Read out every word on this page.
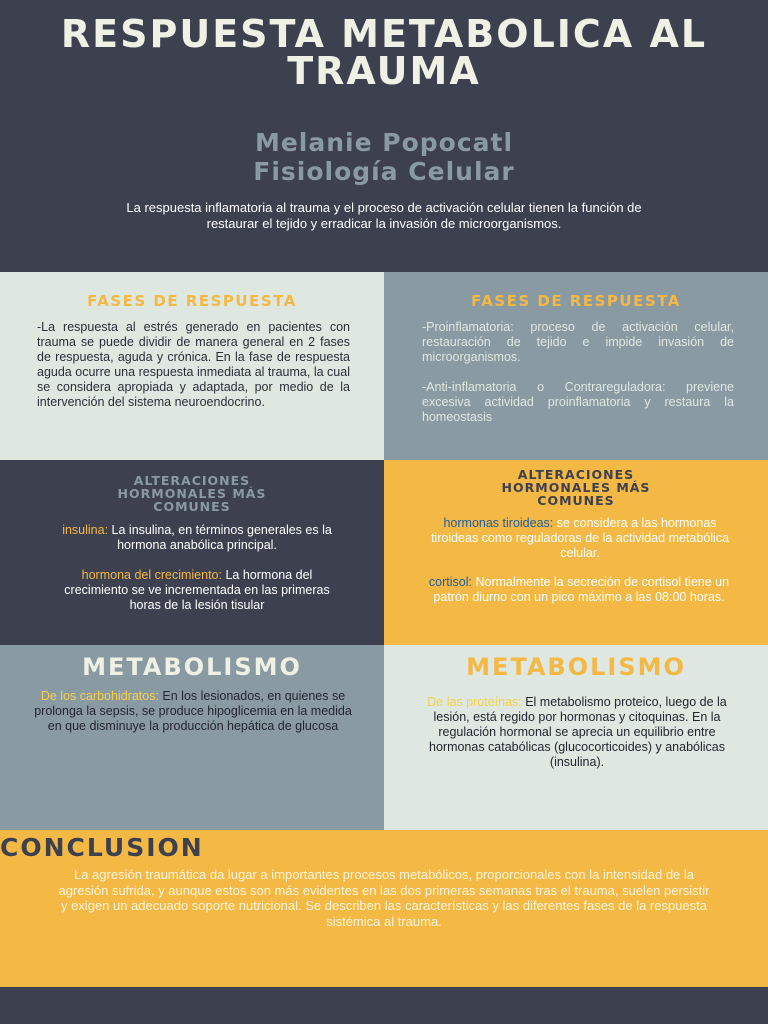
RESPUESTA METABOLICA AL TRAUMA
Melanie Popocatl
Fisiología Celular

La respuesta inflamatoria al trauma y el proceso de activación celular tienen la función de restaurar el tejido y erradicar la invasión de microorganismos.

FASES DE RESPUESTA

-La respuesta al estrés generado en pacientes con trauma se puede dividir de manera general en 2 fases de respuesta, aguda y crónica. En la fase de respuesta aguda ocurre una respuesta inmediata al trauma, la cual se considera apropiada y adaptada, por medio de la intervención del sistema neuroendocrino.

FASES DE RESPUESTA

-Proinflamatoria: proceso de activación celular, restauración de tejido e impide invasión de microorganismos.

-Anti-inflamatoria o Contrareguladora: previene excesiva actividad proinflamatoria y restaura la homeostasis

ALTERACIONES HORMONALES MÁS COMUNES

insulina: La insulina, en términos generales es la hormona anabólica principal.

hormona del crecimiento: La hormona del crecimiento se ve incrementada en las primeras horas de la lesión tisular

ALTERACIONES HORMONALES MÁS COMUNES

hormonas tiroideas: se considera a las hormonas tiroideas como reguladoras de la actividad metabólica celular.

cortisol: Normalmente la secreción de cortisol tiene un patrón diurno con un pico máximo a las 08:00 horas.

METABOLISMO

De los carbohidratos: En los lesionados, en quienes se prolonga la sepsis, se produce hipoglicemia en la medida en que disminuye la producción hepática de glucosa

METABOLISMO

De las proteínas: El metabolismo proteico, luego de la lesión, está regido por hormonas y citoquinas. En la regulación hormonal se aprecia un equilibrio entre hormonas catabólicas (glucocorticoides) y anabólicas (insulina).

CONCLUSION

La agresión traumática da lugar a importantes procesos metabólicos, proporcionales con la intensidad de la agresión sufrida, y aunque estos son más evidentes en las dos primeras semanas tras el trauma, suelen persistir y exigen un adecuado soporte nutricional. Se describen las características y las diferentes fases de la respuesta sistémica al trauma.
